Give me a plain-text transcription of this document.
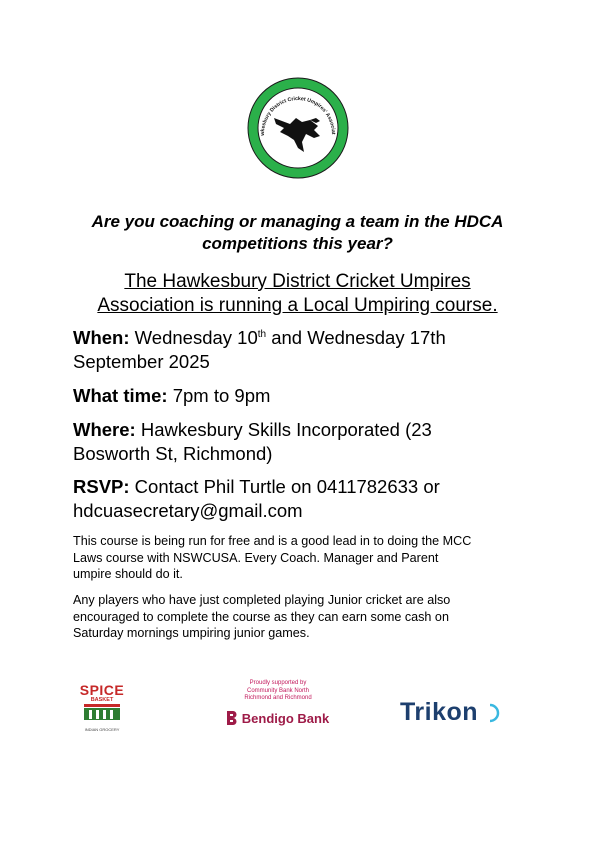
wkesbury District Cricket Umpires' Associat
Are you coaching or managing a team in the HDCA
competitions this year?
The Hawkesbury District Cricket Umpires
Association is running a Local Umpiring course.
When: Wednesday 10th and Wednesday 17th
September 2025
What time: 7pm to 9pm
Where: Hawkesbury Skills Incorporated (23
Bosworth St, Richmond)
RSVP: Contact Phil Turtle on 0411782633 or
hdcuasecretary@gmail.com
This course is being run for free and is a good lead in to doing the MCC
Laws course with NSWCUSA. Every Coach. Manager and Parent
umpire should do it.
Any players who have just completed playing Junior cricket are also
encouraged to complete the course as they can earn some cash on
Saturday mornings umpiring junior games.
SPICE
BASKET
INDIAN GROCERY
Proudly supported by
Community Bank North
Richmond and Richmond
Bendigo Bank	Trikon
